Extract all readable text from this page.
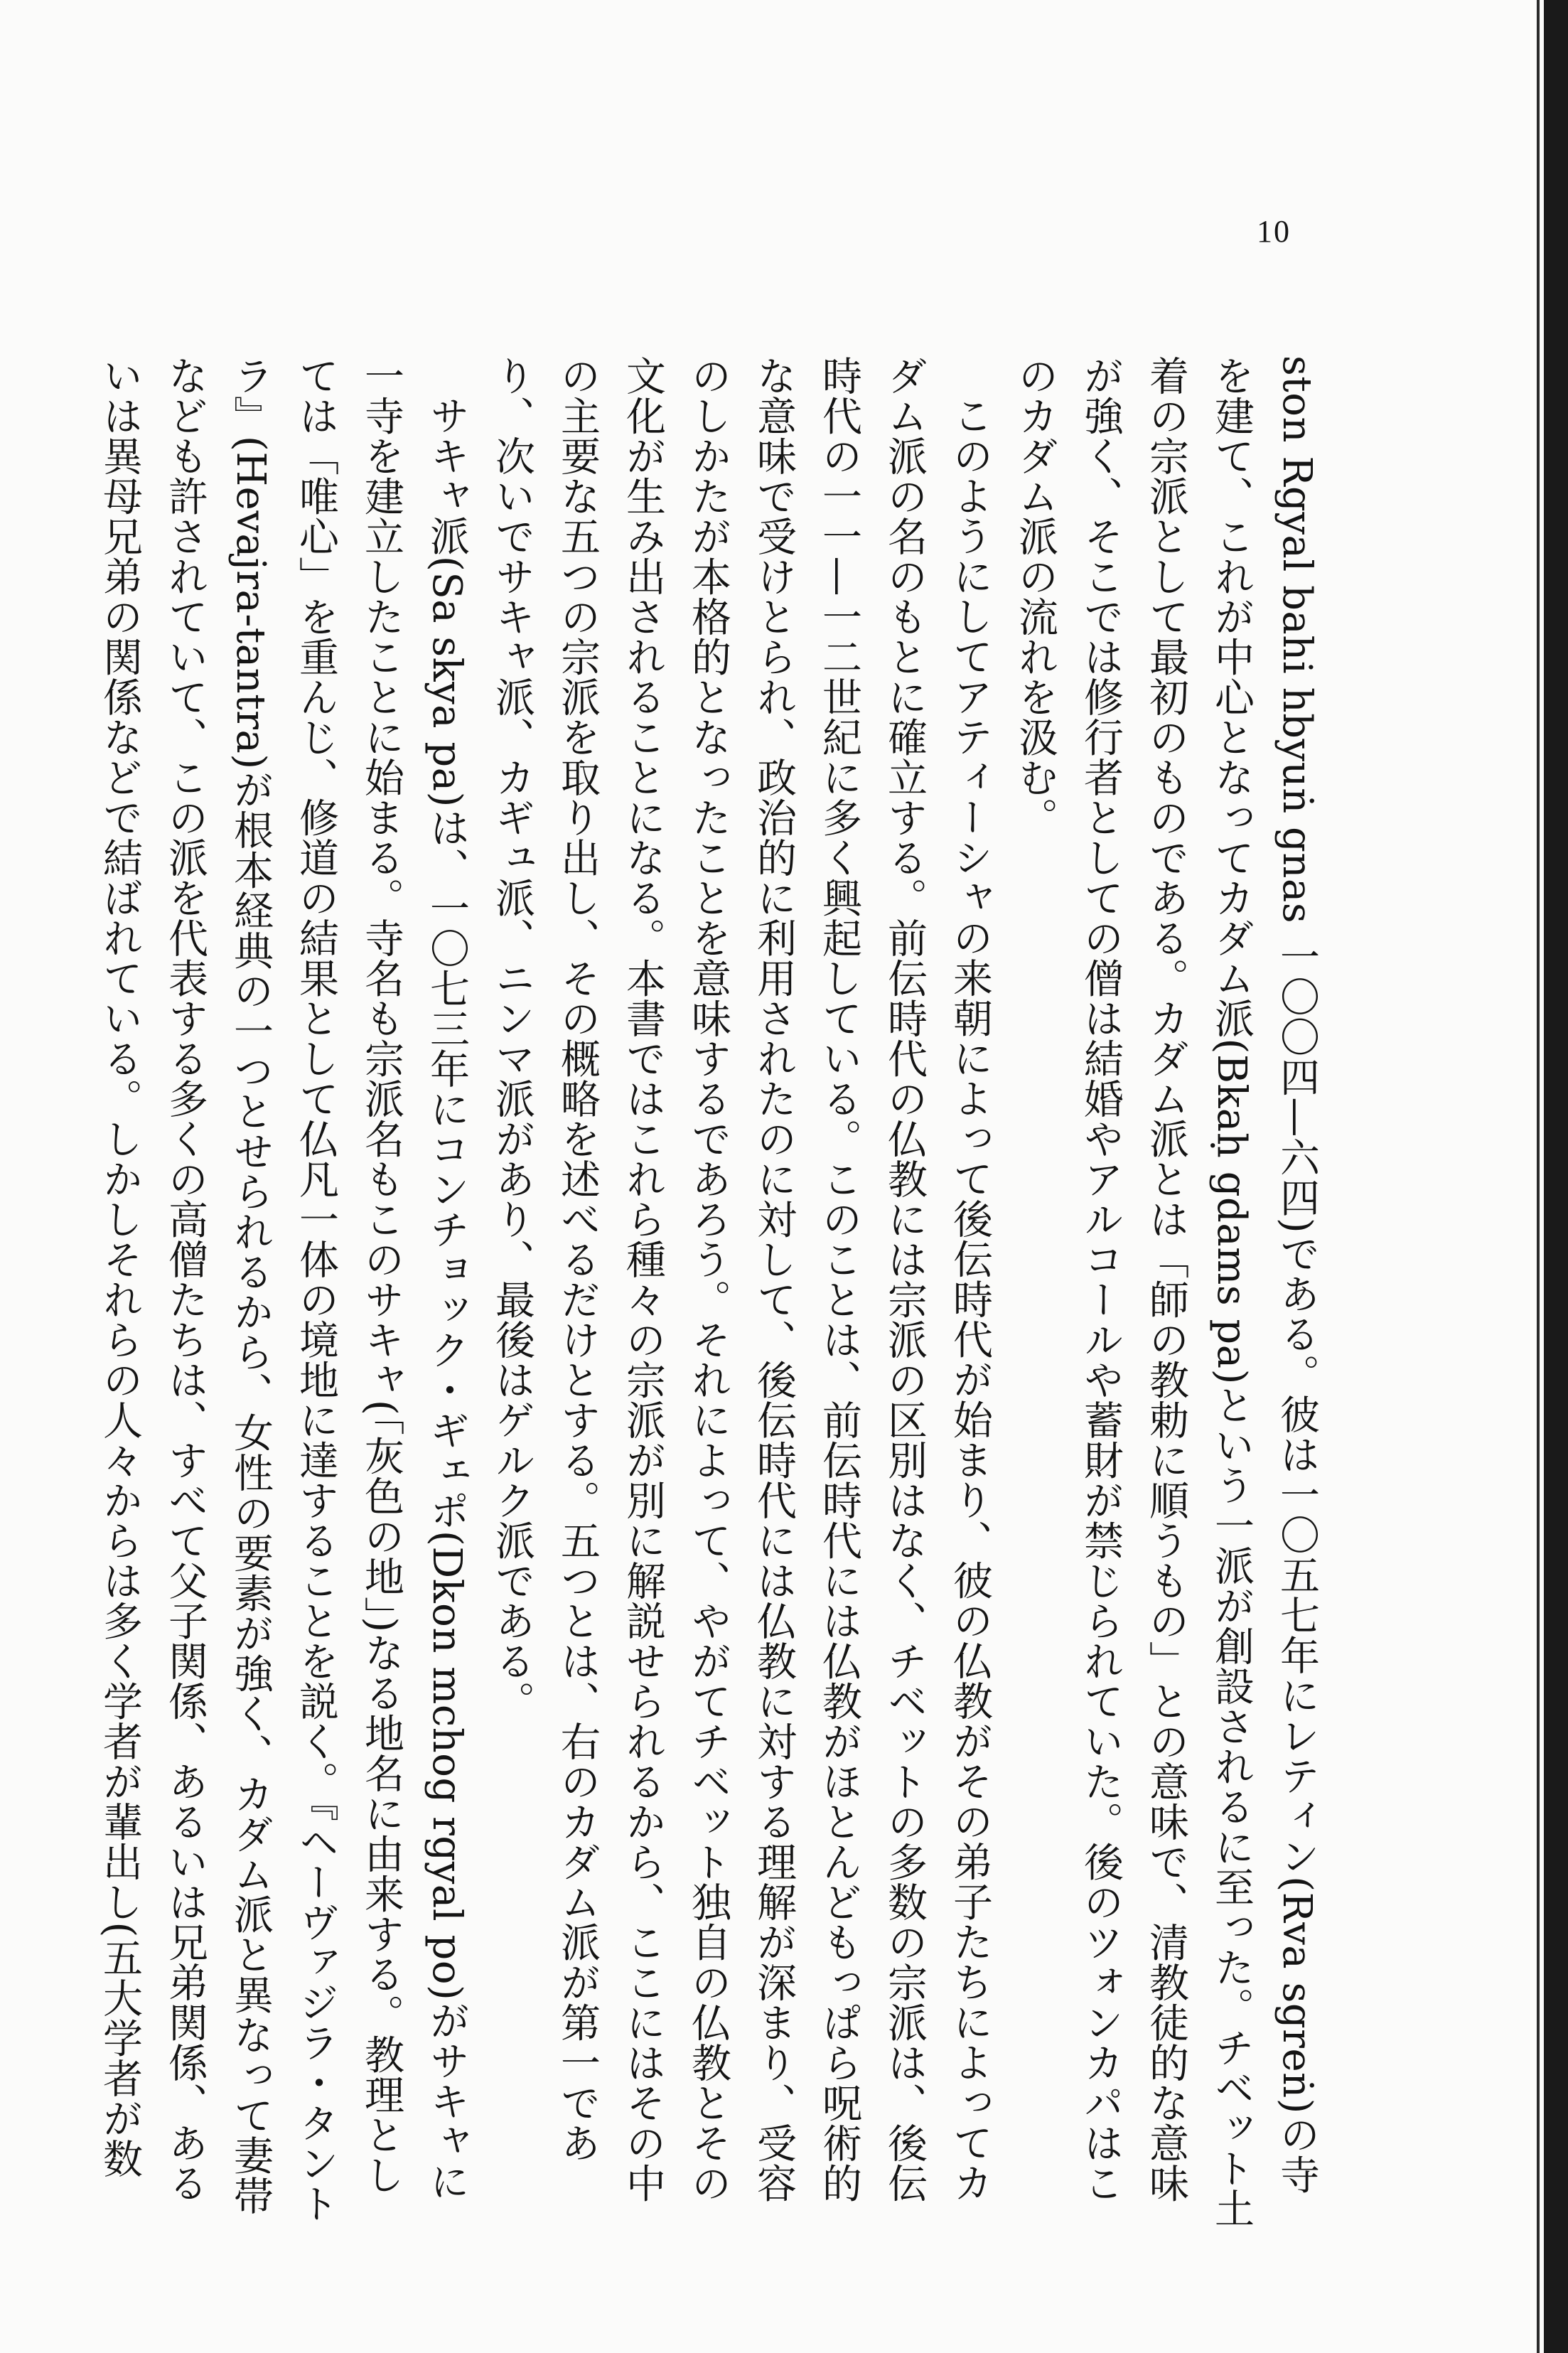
10

ston Rgyal bahi hbyuṅ gnas 一〇〇四—六四)である。彼は一〇五七年にレティン(Rva sgreṅ)の寺を建て、これが中心となってカダム派(Bkaḥ gdams pa)という一派が創設されるに至った。チベット土着の宗派として最初のものである。カダム派とは「師の教勅に順うもの」との意味で、清教徒的な意味が強く、そこでは修行者としての僧は結婚やアルコールや蓄財が禁じられていた。後のツォンカパはこのカダム派の流れを汲む。

このようにしてアティーシャの来朝によって後伝時代が始まり、彼の仏教がその弟子たちによってカダム派の名のもとに確立する。前伝時代の仏教には宗派の区別はなく、チベットの多数の宗派は、後伝時代の一一—一二世紀に多く興起している。このことは、前伝時代には仏教がほとんどもっぱら呪術的な意味で受けとられ、政治的に利用されたのに対して、後伝時代には仏教に対する理解が深まり、受容のしかたが本格的となったことを意味するであろう。それによって、やがてチベット独自の仏教とその文化が生み出されることになる。本書ではこれら種々の宗派が別に解説せられるから、ここにはその中の主要な五つの宗派を取り出し、その概略を述べるだけとする。五つとは、右のカダム派が第一であり、次いでサキャ派、カギュ派、ニンマ派があり、最後はゲルク派である。

サキャ派(Sa skya pa)は、一〇七三年にコンチョック・ギェポ(Dkon mchog rgyal po)がサキャに一寺を建立したことに始まる。寺名も宗派名もこのサキャ(「灰色の地」)なる地名に由来する。教理としては「唯心」を重んじ、修道の結果として仏凡一体の境地に達することを説く。『ヘーヴァジラ・タントラ』(Hevajra-tantra)が根本経典の一つとせられるから、女性の要素が強く、カダム派と異なって妻帯なども許されていて、この派を代表する多くの高僧たちは、すべて父子関係、あるいは兄弟関係、あるいは異母兄弟の関係などで結ばれている。しかしそれらの人々からは多く学者が輩出し(五大学者が数
